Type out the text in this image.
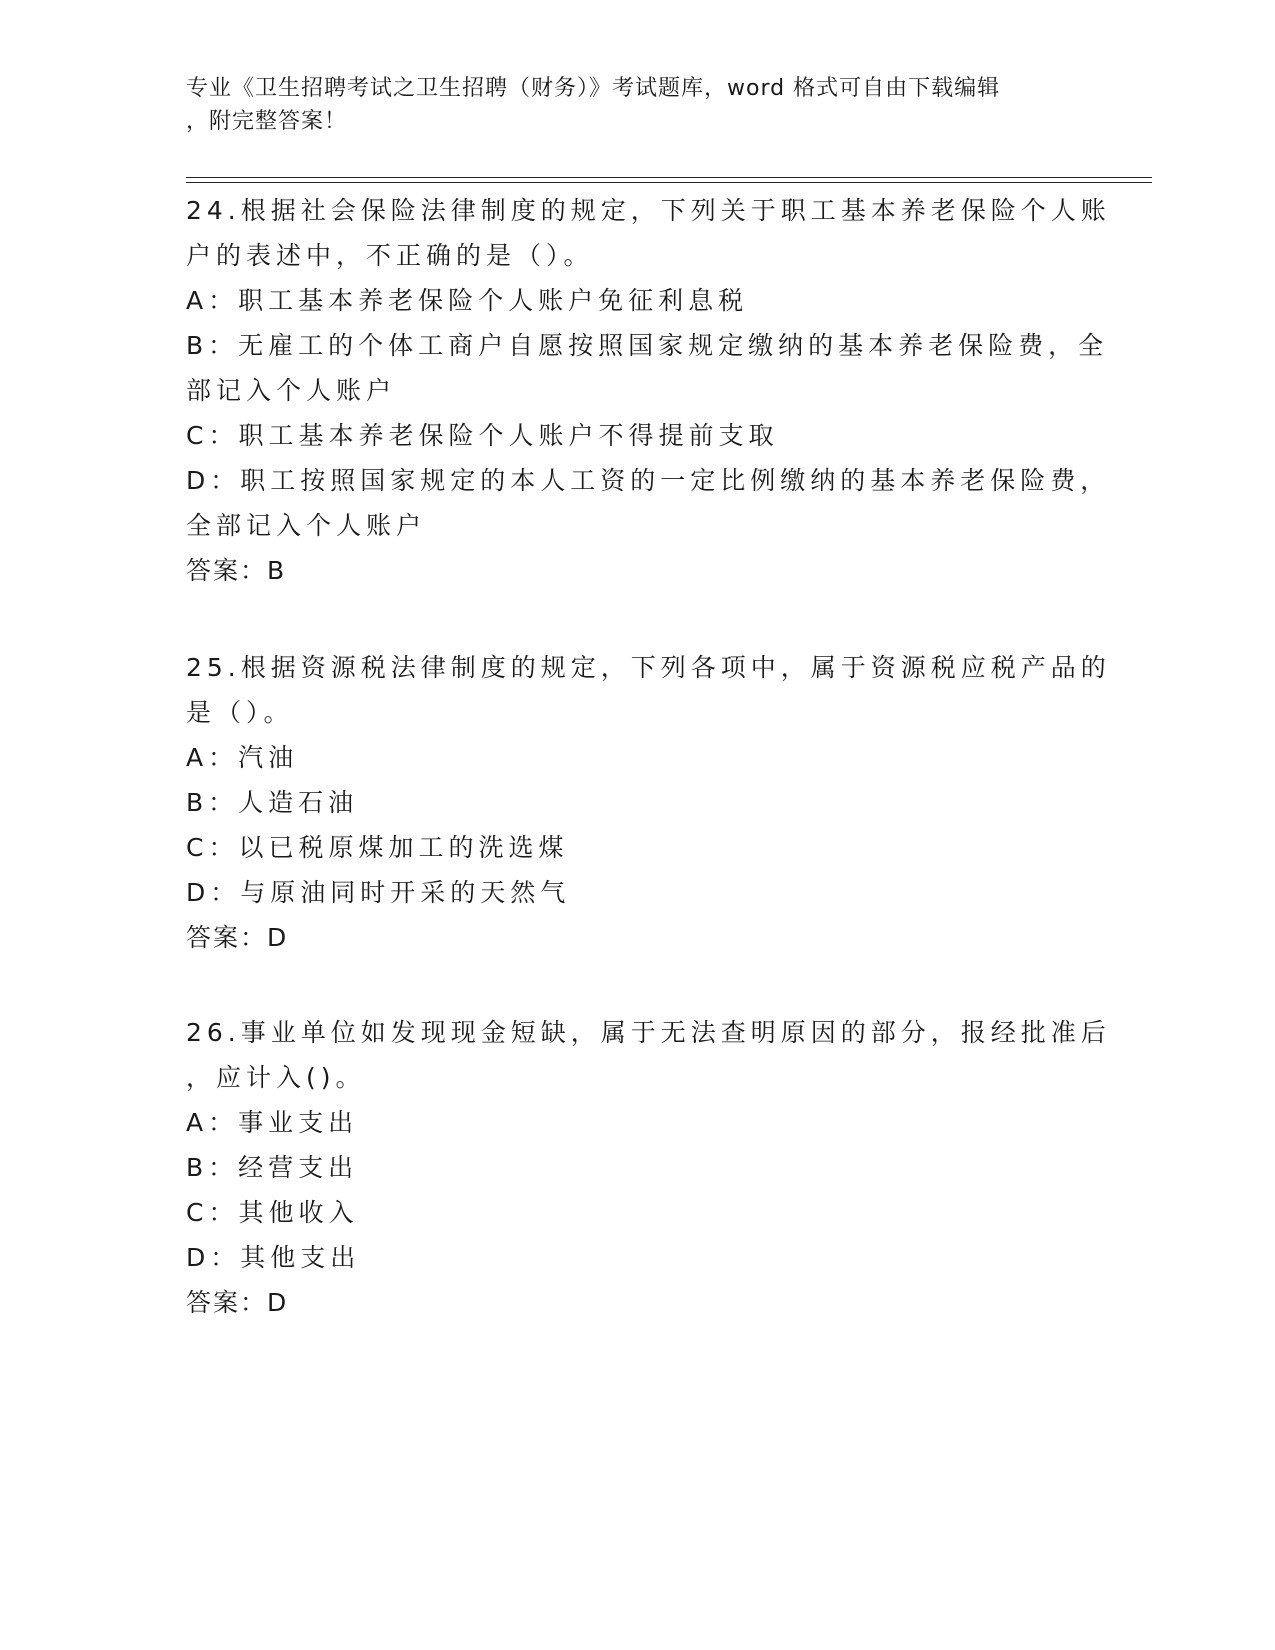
专业《卫生招聘考试之卫生招聘（财务）》考试题库，word 格式可自由下载编辑
，附完整答案！
24.根据社会保险法律制度的规定，下列关于职工基本养老保险个人账
户的表述中，不正确的是（）。
A：职工基本养老保险个人账户免征利息税
B：无雇工的个体工商户自愿按照国家规定缴纳的基本养老保险费，全
部记入个人账户
C：职工基本养老保险个人账户不得提前支取
D：职工按照国家规定的本人工资的一定比例缴纳的基本养老保险费，
全部记入个人账户
答案：B
25.根据资源税法律制度的规定，下列各项中，属于资源税应税产品的
是（）。
A：汽油
B：人造石油
C：以已税原煤加工的洗选煤
D：与原油同时开采的天然气
答案：D
26.事业单位如发现现金短缺，属于无法查明原因的部分，报经批准后
，应计入()。
A：事业支出
B：经营支出
C：其他收入
D：其他支出
答案：D
